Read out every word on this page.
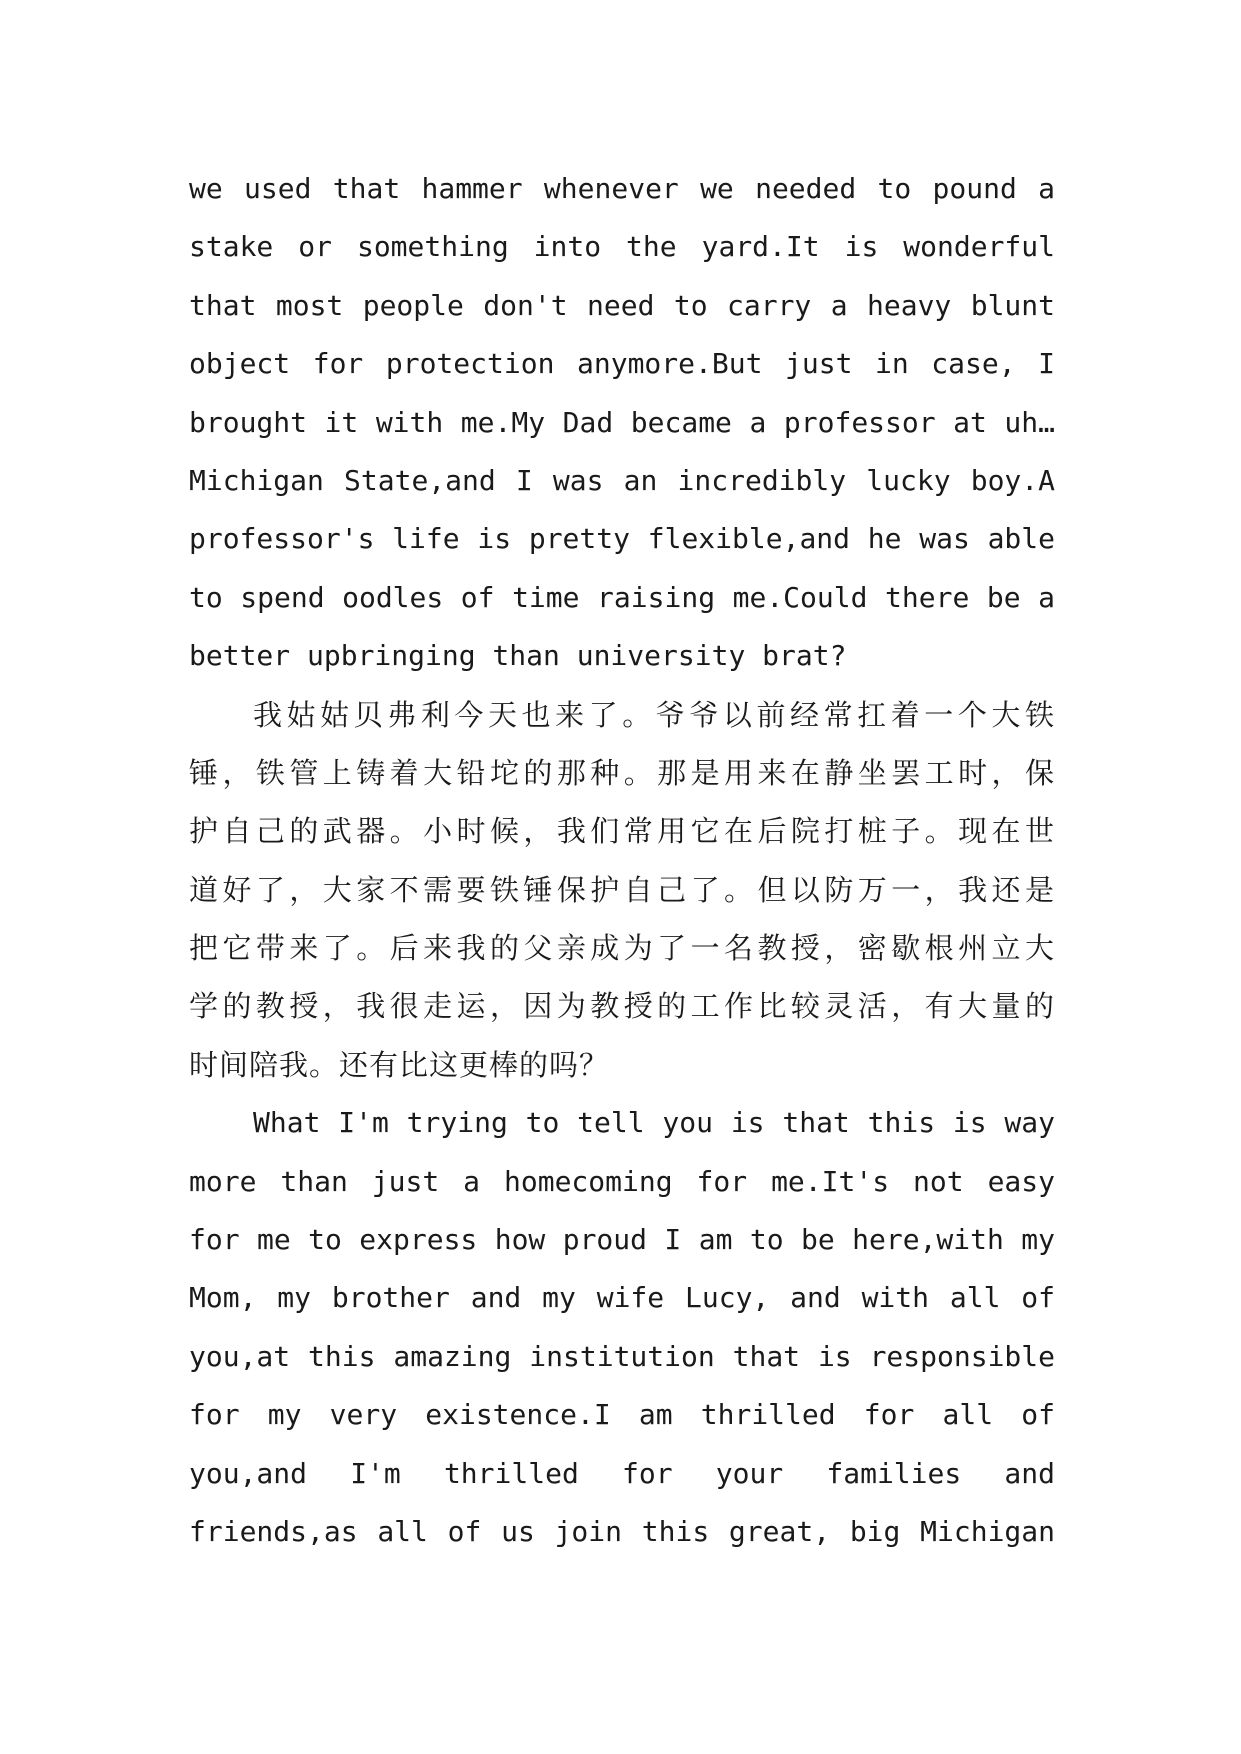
we used that hammer whenever we needed to pound a
stake or something into the yard.It is wonderful
that most people don't need to carry a heavy blunt
object for protection anymore.But just in case, I
brought it with me.My Dad became a professor at uh…
Michigan State,and I was an incredibly lucky boy.A
professor's life is pretty flexible,and he was able
to spend oodles of time raising me.Could there be a
better upbringing than university brat?
我姑姑贝弗利今天也来了。爷爷以前经常扛着一个大铁
锤，铁管上铸着大铅坨的那种。那是用来在静坐罢工时，保
护自己的武器。小时候，我们常用它在后院打桩子。现在世
道好了，大家不需要铁锤保护自己了。但以防万一，我还是
把它带来了。后来我的父亲成为了一名教授，密歇根州立大
学的教授，我很走运，因为教授的工作比较灵活，有大量的
时间陪我。还有比这更棒的吗？
What I'm trying to tell you is that this is way
more than just a homecoming for me.It's not easy
for me to express how proud I am to be here,with my
Mom, my brother and my wife Lucy, and with all of
you,at this amazing institution that is responsible
for my very existence.I am thrilled for all of
you,and I'm thrilled for your families and
friends,as all of us join this great, big Michigan
